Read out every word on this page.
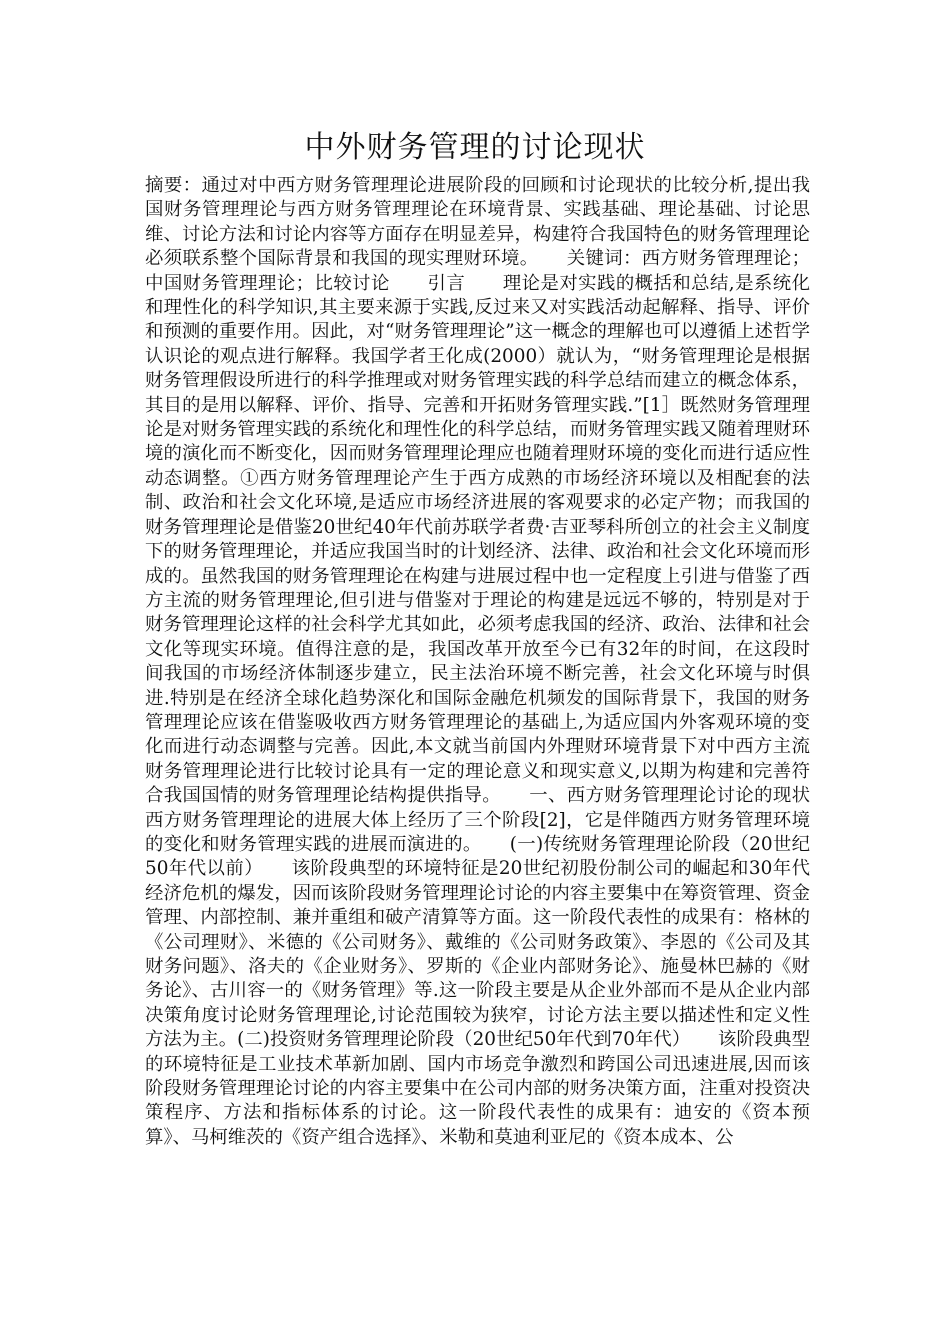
中外财务管理的讨论现状

摘要：通过对中西方财务管理理论进展阶段的回顾和讨论现状的比较分析,提出我国财务管理理论与西方财务管理理论在环境背景、实践基础、理论基础、讨论思维、讨论方法和讨论内容等方面存在明显差异，构建符合我国特色的财务管理理论必须联系整个国际背景和我国的现实理财环境。　　关键词：西方财务管理理论；中国财务管理理论；比较讨论　　引言　　理论是对实践的概括和总结,是系统化和理性化的科学知识,其主要来源于实践,反过来又对实践活动起解释、指导、评价和预测的重要作用。因此，对“财务管理理论”这一概念的理解也可以遵循上述哲学认识论的观点进行解释。我国学者王化成(2000）就认为，“财务管理理论是根据财务管理假设所进行的科学推理或对财务管理实践的科学总结而建立的概念体系，其目的是用以解释、评价、指导、完善和开拓财务管理实践.”[1］既然财务管理理论是对财务管理实践的系统化和理性化的科学总结，而财务管理实践又随着理财环境的演化而不断变化，因而财务管理理论理应也随着理财环境的变化而进行适应性动态调整。①西方财务管理理论产生于西方成熟的市场经济环境以及相配套的法制、政治和社会文化环境,是适应市场经济进展的客观要求的必定产物；而我国的财务管理理论是借鉴20世纪40年代前苏联学者费·吉亚琴科所创立的社会主义制度下的财务管理理论，并适应我国当时的计划经济、法律、政治和社会文化环境而形成的。虽然我国的财务管理理论在构建与进展过程中也一定程度上引进与借鉴了西方主流的财务管理理论,但引进与借鉴对于理论的构建是远远不够的，特别是对于财务管理理论这样的社会科学尤其如此，必须考虑我国的经济、政治、法律和社会文化等现实环境。值得注意的是，我国改革开放至今已有32年的时间，在这段时间我国的市场经济体制逐步建立，民主法治环境不断完善，社会文化环境与时俱进.特别是在经济全球化趋势深化和国际金融危机频发的国际背景下，我国的财务管理理论应该在借鉴吸收西方财务管理理论的基础上,为适应国内外客观环境的变化而进行动态调整与完善。因此,本文就当前国内外理财环境背景下对中西方主流财务管理理论进行比较讨论具有一定的理论意义和现实意义,以期为构建和完善符合我国国情的财务管理理论结构提供指导。　　一、西方财务管理理论讨论的现状　　西方财务管理理论的进展大体上经历了三个阶段[2]，它是伴随西方财务管理环境的变化和财务管理实践的进展而演进的。　　(一)传统财务管理理论阶段（20世纪50年代以前）　　该阶段典型的环境特征是20世纪初股份制公司的崛起和30年代经济危机的爆发，因而该阶段财务管理理论讨论的内容主要集中在筹资管理、资金管理、内部控制、兼并重组和破产清算等方面。这一阶段代表性的成果有：格林的《公司理财》、米德的《公司财务》、戴维的《公司财务政策》、李恩的《公司及其财务问题》、洛夫的《企业财务》、罗斯的《企业内部财务论》、施曼林巴赫的《财务论》、古川容一的《财务管理》等.这一阶段主要是从企业外部而不是从企业内部决策角度讨论财务管理理论,讨论范围较为狭窄，讨论方法主要以描述性和定义性方法为主。(二)投资财务管理理论阶段（20世纪50年代到70年代）　　该阶段典型的环境特征是工业技术革新加剧、国内市场竞争激烈和跨国公司迅速进展,因而该阶段财务管理理论讨论的内容主要集中在公司内部的财务决策方面，注重对投资决策程序、方法和指标体系的讨论。这一阶段代表性的成果有：迪安的《资本预算》、马柯维茨的《资产组合选择》、米勒和莫迪利亚尼的《资本成本、公
